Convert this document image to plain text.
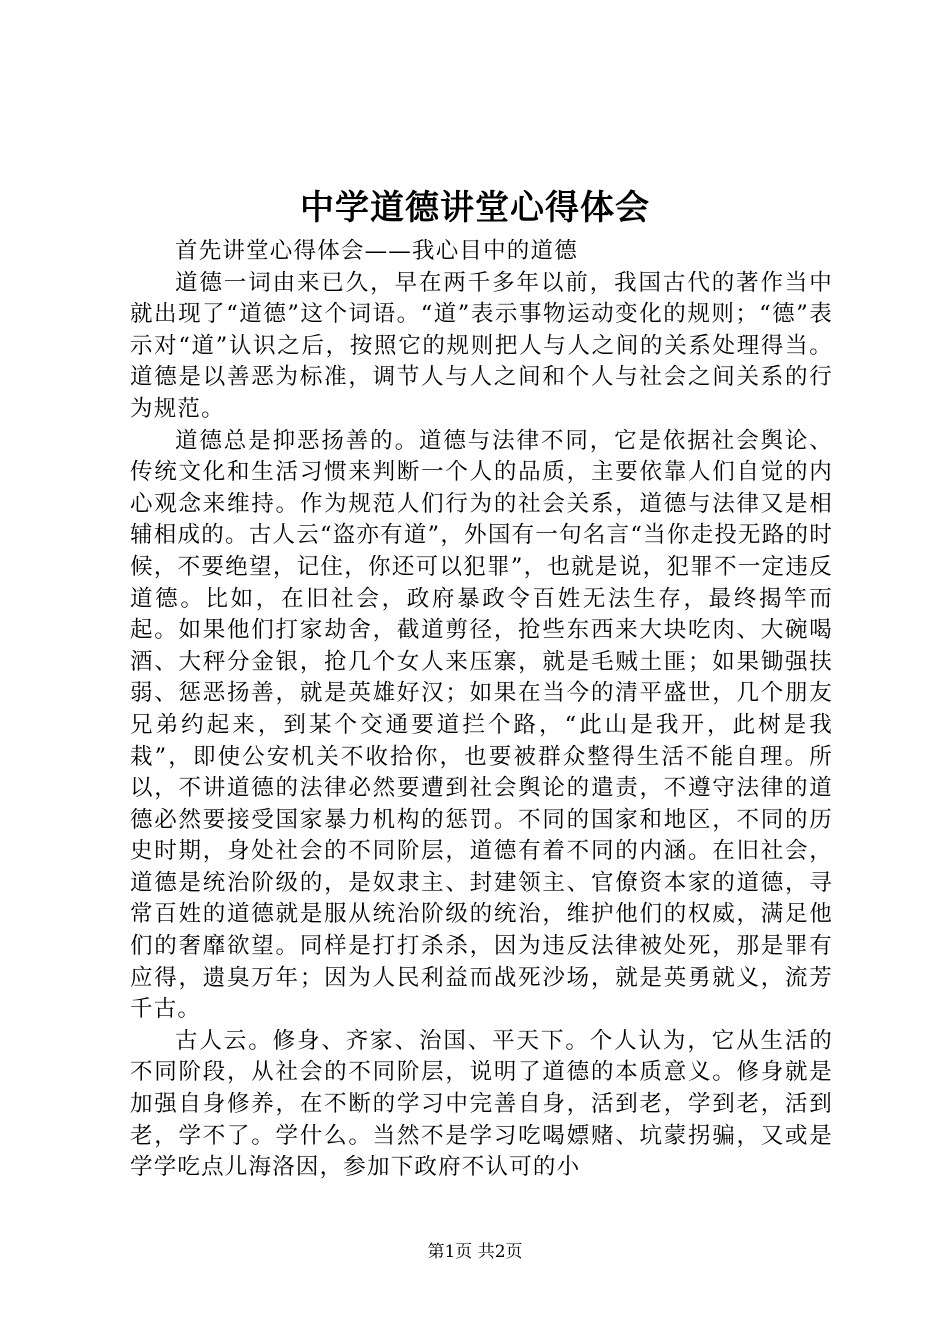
中学道德讲堂心得体会

首先讲堂心得体会——我心目中的道德

道德一词由来已久，早在两千多年以前，我国古代的著作当中就出现了“道德”这个词语。“道”表示事物运动变化的规则；“德”表示对“道”认识之后，按照它的规则把人与人之间的关系处理得当。道德是以善恶为标准，调节人与人之间和个人与社会之间关系的行为规范。

道德总是抑恶扬善的。道德与法律不同，它是依据社会舆论、传统文化和生活习惯来判断一个人的品质，主要依靠人们自觉的内心观念来维持。作为规范人们行为的社会关系，道德与法律又是相辅相成的。古人云“盗亦有道”，外国有一句名言“当你走投无路的时候，不要绝望，记住，你还可以犯罪”，也就是说，犯罪不一定违反道德。比如，在旧社会，政府暴政令百姓无法生存，最终揭竿而起。如果他们打家劫舍，截道剪径，抢些东西来大块吃肉、大碗喝酒、大秤分金银，抢几个女人来压寨，就是毛贼土匪；如果锄强扶弱、惩恶扬善，就是英雄好汉；如果在当今的清平盛世，几个朋友兄弟约起来，到某个交通要道拦个路，“此山是我开，此树是我栽”，即使公安机关不收拾你，也要被群众整得生活不能自理。所以，不讲道德的法律必然要遭到社会舆论的遣责，不遵守法律的道德必然要接受国家暴力机构的惩罚。不同的国家和地区，不同的历史时期，身处社会的不同阶层，道德有着不同的内涵。在旧社会，道德是统治阶级的，是奴隶主、封建领主、官僚资本家的道德，寻常百姓的道德就是服从统治阶级的统治，维护他们的权威，满足他们的奢靡欲望。同样是打打杀杀，因为违反法律被处死，那是罪有应得，遗臭万年；因为人民利益而战死沙场，就是英勇就义，流芳千古。

古人云。修身、齐家、治国、平天下。个人认为，它从生活的不同阶段，从社会的不同阶层，说明了道德的本质意义。修身就是加强自身修养，在不断的学习中完善自身，活到老，学到老，活到老，学不了。学什么。当然不是学习吃喝嫖赌、坑蒙拐骗，又或是学学吃点儿海洛因，参加下政府不认可的小

第1页 共2页
